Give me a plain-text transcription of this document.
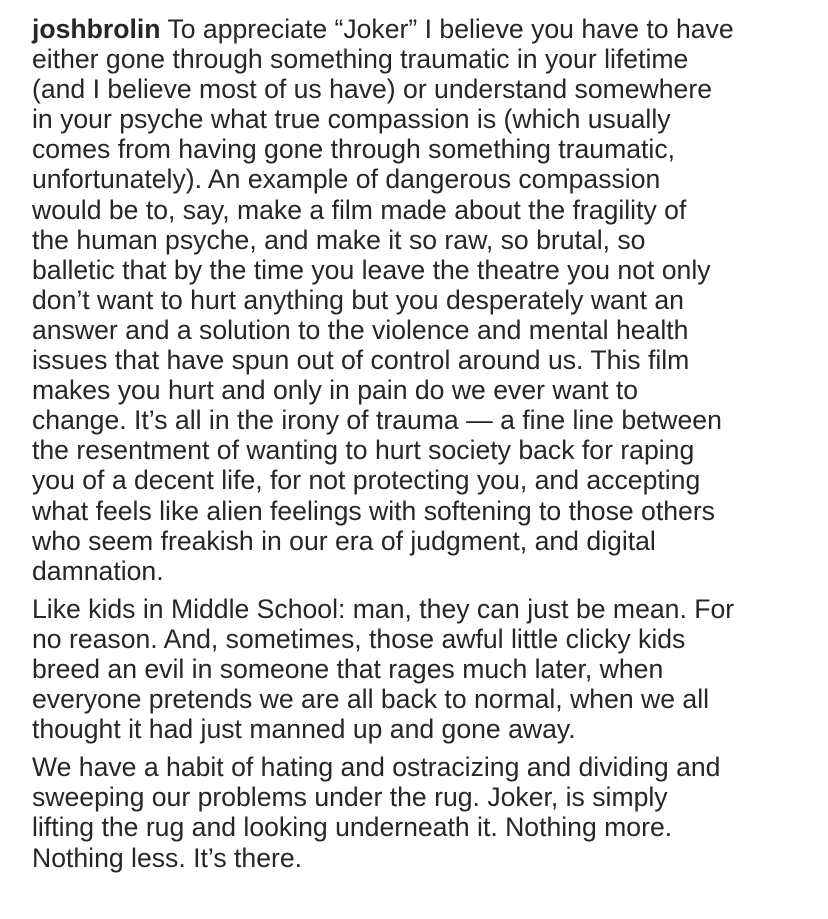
joshbrolin To appreciate “Joker” I believe you have to have
either gone through something traumatic in your lifetime
(and I believe most of us have) or understand somewhere
in your psyche what true compassion is (which usually
comes from having gone through something traumatic,
unfortunately). An example of dangerous compassion
would be to, say, make a film made about the fragility of
the human psyche, and make it so raw, so brutal, so
balletic that by the time you leave the theatre you not only
don’t want to hurt anything but you desperately want an
answer and a solution to the violence and mental health
issues that have spun out of control around us. This film
makes you hurt and only in pain do we ever want to
change. It’s all in the irony of trauma — a fine line between
the resentment of wanting to hurt society back for raping
you of a decent life, for not protecting you, and accepting
what feels like alien feelings with softening to those others
who seem freakish in our era of judgment, and digital
damnation.
Like kids in Middle School: man, they can just be mean. For
no reason. And, sometimes, those awful little clicky kids
breed an evil in someone that rages much later, when
everyone pretends we are all back to normal, when we all
thought it had just manned up and gone away.
We have a habit of hating and ostracizing and dividing and
sweeping our problems under the rug. Joker, is simply
lifting the rug and looking underneath it. Nothing more.
Nothing less. It’s there.
